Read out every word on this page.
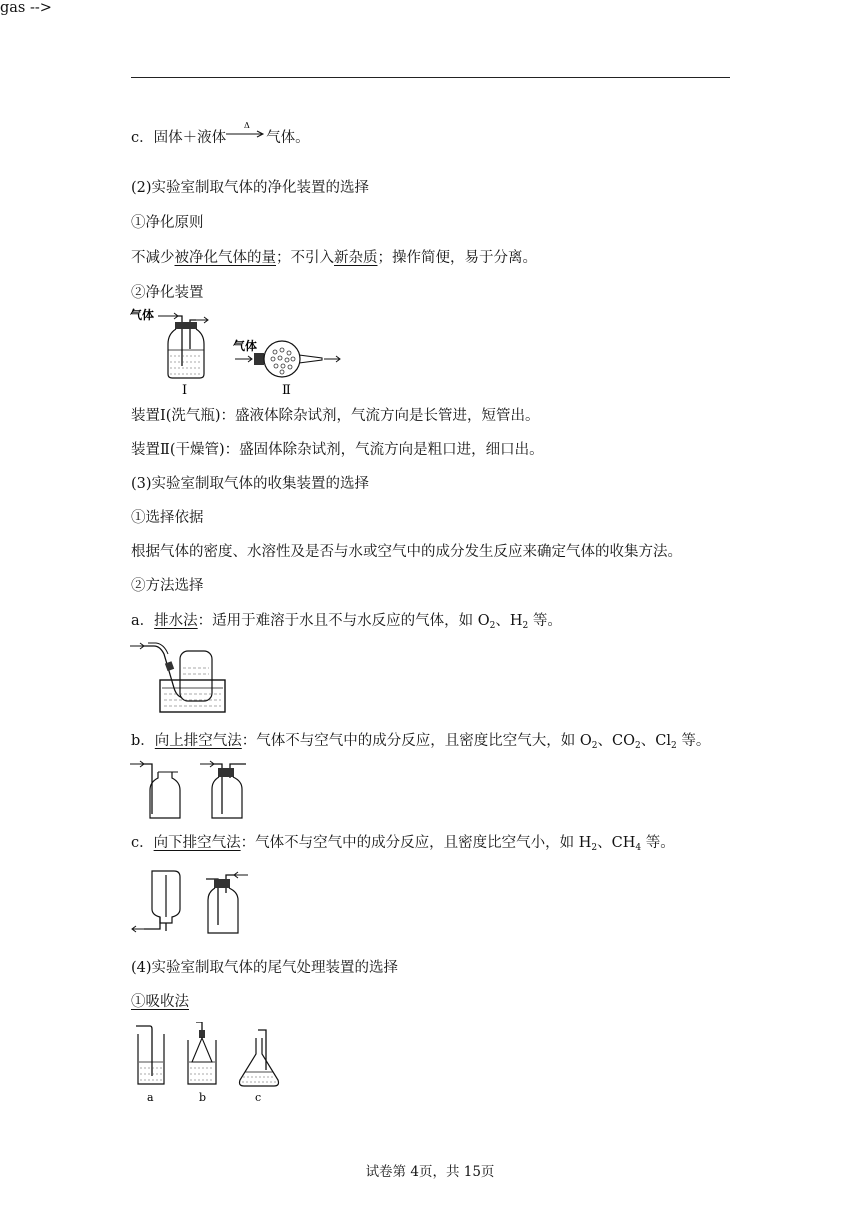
gas -->
c．固体＋液体
Δ
气体。
(2)实验室制取气体的净化装置的选择
①净化原则
不减少被净化气体的量；不引入新杂质；操作简便，易于分离。
②净化装置
气体
Ⅰ
气体
Ⅱ
装置Ⅰ(洗气瓶)：盛液体除杂试剂，气流方向是长管进，短管出。
装置Ⅱ(干燥管)：盛固体除杂试剂，气流方向是粗口进，细口出。
(3)实验室制取气体的收集装置的选择
①选择依据
根据气体的密度、水溶性及是否与水或空气中的成分发生反应来确定气体的收集方法。
②方法选择
a．排水法：适用于难溶于水且不与水反应的气体，如 $O_2$、$H_2$ 等。
b．向上排空气法：气体不与空气中的成分反应，且密度比空气大，如 $O_2$、$CO_2$、$Cl_2$ 等。
c．向下排空气法：气体不与空气中的成分反应，且密度比空气小，如 $H_2$、$CH_4$ 等。
(4)实验室制取气体的尾气处理装置的选择
①吸收法
a	b	c
试卷第 4页，共 15页
